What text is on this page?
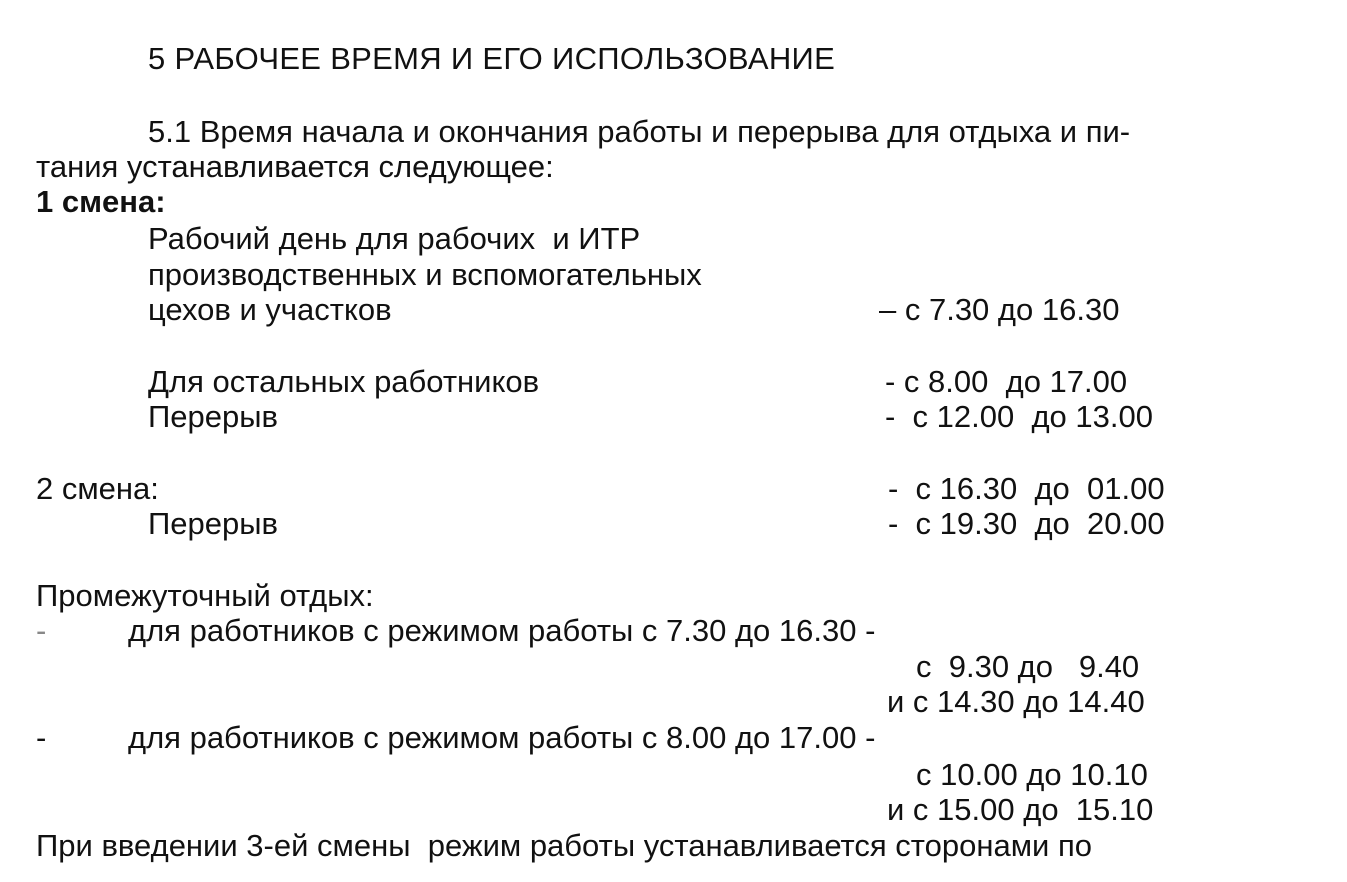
5 РАБОЧЕЕ ВРЕМЯ И ЕГО ИСПОЛЬЗОВАНИЕ
5.1 Время начала и окончания работы и перерыва для отдыха и пи-
тания устанавливается следующее:
1 смена:
Рабочий день для рабочих  и ИТР
производственных и вспомогательных
цехов и участков	– с 7.30 до 16.30
Для остальных работников	- с 8.00  до 17.00
Перерыв	-  с 12.00  до 13.00
2 смена:	-  с 16.30  до  01.00
Перерыв	-  с 19.30  до  20.00
Промежуточный отдых:
-	для работников с режимом работы с 7.30 до 16.30 -
с  9.30 до   9.40
и с 14.30 до 14.40
-	для работников с режимом работы с 8.00 до 17.00 -
с 10.00 до 10.10
и с 15.00 до  15.10
При введении 3-ей смены  режим работы устанавливается сторонами по
